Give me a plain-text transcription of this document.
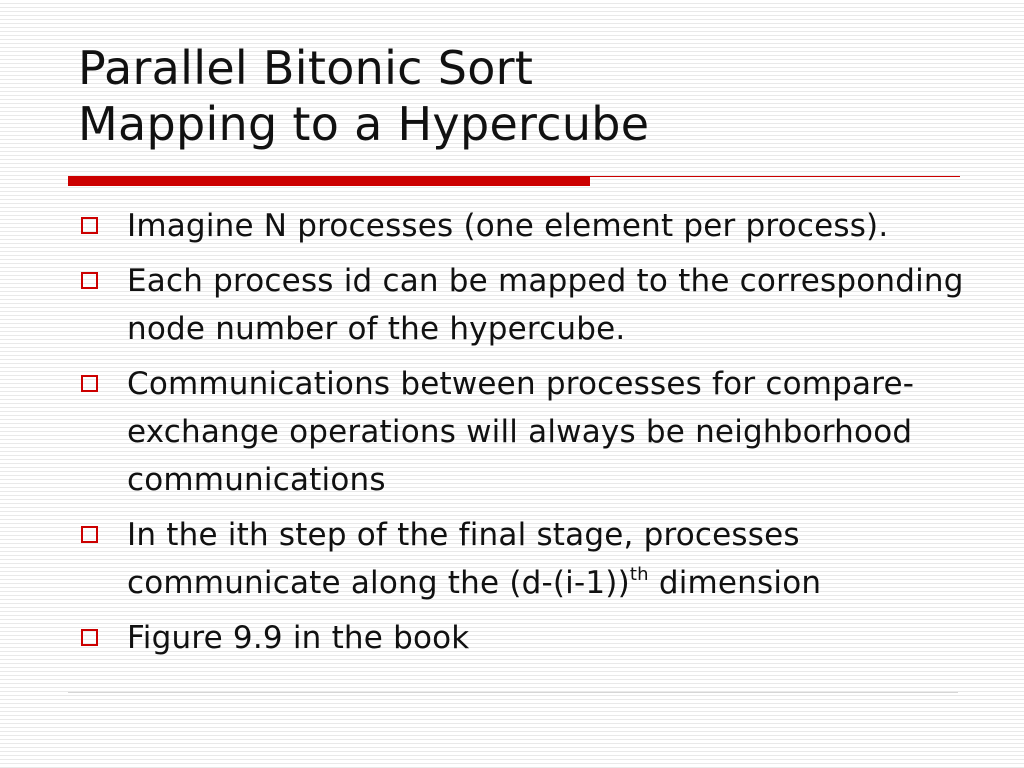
Parallel Bitonic Sort
Mapping to a Hypercube
Imagine N processes (one element per process).
Each process id can be mapped to the corresponding node number of the hypercube.
Communications between processes for compare-exchange operations will always be neighborhood communications
In the ith step of the final stage, processes communicate along the $(d-(i-1))^{th}$ dimension
Figure 9.9 in the book
